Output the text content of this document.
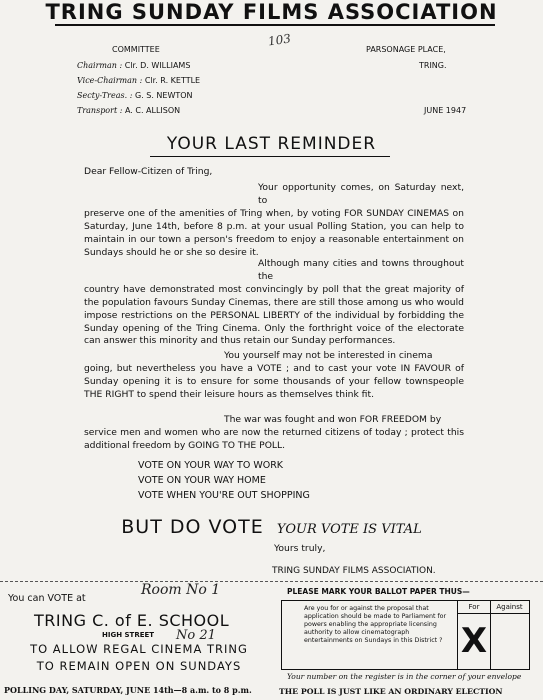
TRING SUNDAY FILMS ASSOCIATION
103
COMMITTEE
Chairman : Clr. D. WILLIAMS
Vice-Chairman : Clr. R. KETTLE
Secty-Treas. : G. S. NEWTON
Transport : A. C. ALLISON
PARSONAGE PLACE,
TRING.
JUNE 1947
YOUR LAST REMINDER
Dear Fellow-Citizen of Tring,

Your opportunity comes, on Saturday next, to

preserve one of the amenities of Tring when, by voting FOR SUNDAY CINEMAS on Saturday, June 14th, before 8 p.m. at your usual Polling Station, you can help to maintain in our town a person's freedom to enjoy a reasonable entertainment on Sundays should he or she so desire it.

Although many cities and towns throughout the

country have demonstrated most convincingly by poll that the great majority of the population favours Sunday Cinemas, there are still those among us who would impose restrictions on the PERSONAL LIBERTY of the individual by forbidding the Sunday opening of the Tring Cinema. Only the forthright voice of the electorate can answer this minority and thus retain our Sunday performances.

You yourself may not be interested in cinema

going, but nevertheless you have a VOTE ; and to cast your vote IN FAVOUR of Sunday opening it is to ensure for some thousands of your fellow townspeople THE RIGHT to spend their leisure hours as themselves think fit.

The war was fought and won FOR FREEDOM by

service men and women who are now the returned citizens of today ; protect this additional freedom by GOING TO THE POLL.

VOTE ON YOUR WAY TO WORK
VOTE ON YOUR WAY HOME
VOTE WHEN YOU'RE OUT SHOPPING
BUT DO VOTE YOUR VOTE IS VITAL
Yours truly,
TRING SUNDAY FILMS ASSOCIATION.
You can VOTE at
Room No 1
TRING C. of E. SCHOOL
HIGH STREET No 21
TO ALLOW REGAL CINEMA TRING
TO REMAIN OPEN ON SUNDAYS
POLLING DAY, SATURDAY, JUNE 14th—8 a.m. to 8 p.m.
PLEASE MARK YOUR BALLOT PAPER THUS—
Are you for or against the proposal that application should be made to Parliament for powers enabling the appropriate licensing authority to allow cinematograph entertainments on Sundays in this District ?
For	Against
X
Your number on the register is in the corner of your envelope
THE POLL IS JUST LIKE AN ORDINARY ELECTION
